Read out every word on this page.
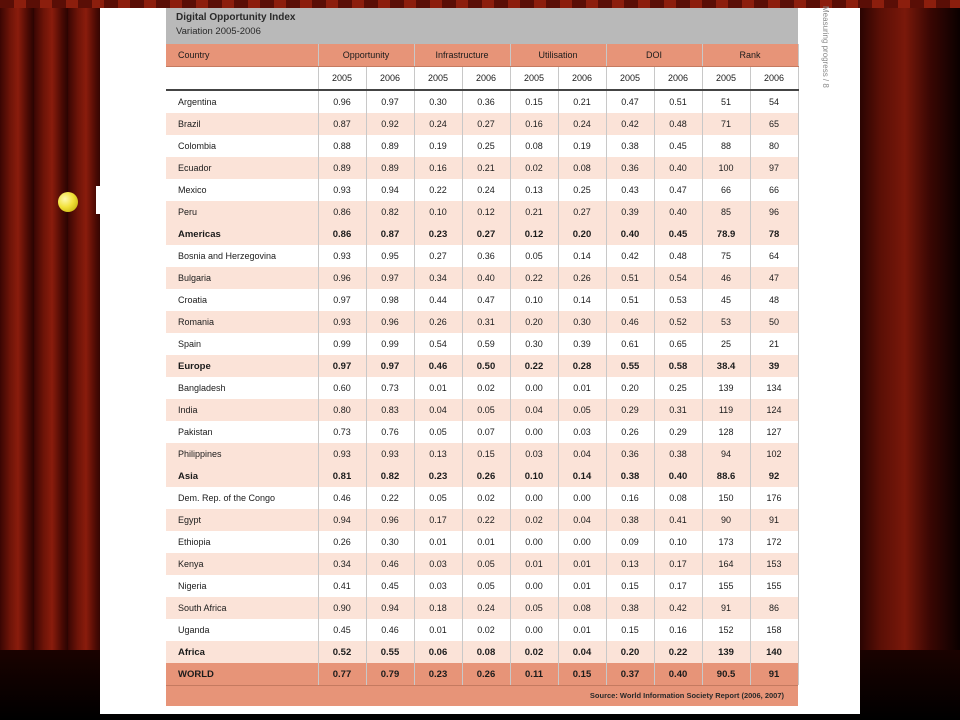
Measuring progress / 8
Digital Opportunity Index
Variation 2005-2006
Country	Opportunity		Infrastructure		Utilisation		DOI		Rank	
	2005	2006	2005	2006	2005	2006	2005	2006	2005	2006
Argentina	0.96	0.97	0.30	0.36	0.15	0.21	0.47	0.51	51	54
Brazil	0.87	0.92	0.24	0.27	0.16	0.24	0.42	0.48	71	65
Colombia	0.88	0.89	0.19	0.25	0.08	0.19	0.38	0.45	88	80
Ecuador	0.89	0.89	0.16	0.21	0.02	0.08	0.36	0.40	100	97
Mexico	0.93	0.94	0.22	0.24	0.13	0.25	0.43	0.47	66	66
Peru	0.86	0.82	0.10	0.12	0.21	0.27	0.39	0.40	85	96
Americas	0.86	0.87	0.23	0.27	0.12	0.20	0.40	0.45	78.9	78
Bosnia and Herzegovina	0.93	0.95	0.27	0.36	0.05	0.14	0.42	0.48	75	64
Bulgaria	0.96	0.97	0.34	0.40	0.22	0.26	0.51	0.54	46	47
Croatia	0.97	0.98	0.44	0.47	0.10	0.14	0.51	0.53	45	48
Romania	0.93	0.96	0.26	0.31	0.20	0.30	0.46	0.52	53	50
Spain	0.99	0.99	0.54	0.59	0.30	0.39	0.61	0.65	25	21
Europe	0.97	0.97	0.46	0.50	0.22	0.28	0.55	0.58	38.4	39
Bangladesh	0.60	0.73	0.01	0.02	0.00	0.01	0.20	0.25	139	134
India	0.80	0.83	0.04	0.05	0.04	0.05	0.29	0.31	119	124
Pakistan	0.73	0.76	0.05	0.07	0.00	0.03	0.26	0.29	128	127
Philippines	0.93	0.93	0.13	0.15	0.03	0.04	0.36	0.38	94	102
Asia	0.81	0.82	0.23	0.26	0.10	0.14	0.38	0.40	88.6	92
Dem. Rep. of the Congo	0.46	0.22	0.05	0.02	0.00	0.00	0.16	0.08	150	176
Egypt	0.94	0.96	0.17	0.22	0.02	0.04	0.38	0.41	90	91
Ethiopia	0.26	0.30	0.01	0.01	0.00	0.00	0.09	0.10	173	172
Kenya	0.34	0.46	0.03	0.05	0.01	0.01	0.13	0.17	164	153
Nigeria	0.41	0.45	0.03	0.05	0.00	0.01	0.15	0.17	155	155
South Africa	0.90	0.94	0.18	0.24	0.05	0.08	0.38	0.42	91	86
Uganda	0.45	0.46	0.01	0.02	0.00	0.01	0.15	0.16	152	158
Africa	0.52	0.55	0.06	0.08	0.02	0.04	0.20	0.22	139	140
WORLD	0.77	0.79	0.23	0.26	0.11	0.15	0.37	0.40	90.5	91
Source: World Information Society Report (2006, 2007)
